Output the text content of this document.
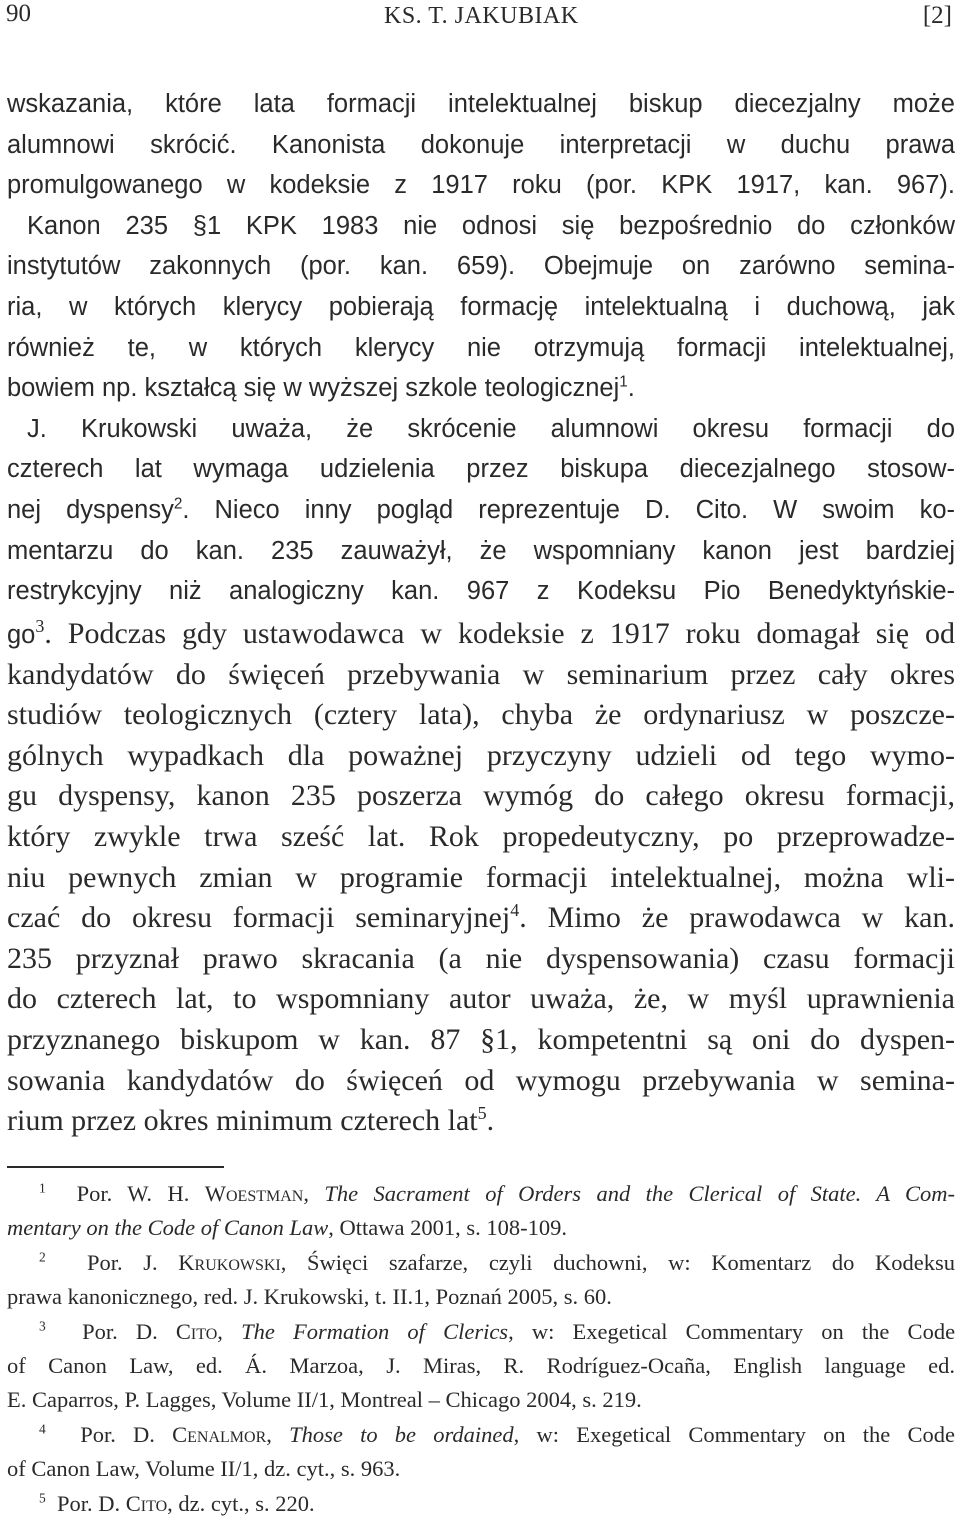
90	KS. T. JAKUBIAK	[2]
wskazania, które lata formacji intelektualnej biskup diecezjalny może
alumnowi skrócić. Kanonista dokonuje interpretacji w duchu prawa
promulgowanego w kodeksie z 1917 roku (por. KPK 1917, kan. 967).
Kanon 235 §1 KPK 1983 nie odnosi się bezpośrednio do członków
instytutów zakonnych (por. kan. 659). Obejmuje on zarówno semina-
ria, w których klerycy pobierają formację intelektualną i duchową, jak
również te, w których klerycy nie otrzymują formacji intelektualnej,
bowiem np. kształcą się w wyższej szkole teologicznej$^1$.
J. Krukowski uważa, że skrócenie alumnowi okresu formacji do
czterech lat wymaga udzielenia przez biskupa diecezjalnego stosow-
nej dyspensy$^2$. Nieco inny pogląd reprezentuje D. Cito. W swoim ko-
mentarzu do kan. 235 zauważył, że wspomniany kanon jest bardziej
restrykcyjny niż analogiczny kan. 967 z Kodeksu Pio Benedyktyńskie-
$go^3$. Podczas gdy ustawodawca w kodeksie z 1917 roku domagał się od
kandydatów do święceń przebywania w seminarium przez cały okres
studiów teologicznych (cztery lata), chyba że ordynariusz w poszcze-
gólnych wypadkach dla poważnej przyczyny udzieli od tego wymo-
gu dyspensy, kanon 235 poszerza wymóg do całego okresu formacji,
który zwykle trwa sześć lat. Rok propedeutyczny, po przeprowadze-
niu pewnych zmian w programie formacji intelektualnej, można wli-
czać do okresu formacji seminaryjnej$^4$. Mimo że prawodawca w kan.
235 przyznał prawo skracania (a nie dyspensowania) czasu formacji
do czterech lat, to wspomniany autor uważa, że, w myśl uprawnienia
przyznanego biskupom w kan. 87 §1, kompetentni są oni do dyspen-
sowania kandydatów do święceń od wymogu przebywania w semina-
rium przez okres minimum czterech lat$^5$.
$^1$ Por. W. H. Woestman, The Sacrament of Orders and the Clerical of State. A Com-
mentary on the Code of Canon Law, Ottawa 2001, s. 108-109.
$^2$ Por. J. Krukowski, Święci szafarze, czyli duchowni, w: Komentarz do Kodeksu
prawa kanonicznego, red. J. Krukowski, t. II.1, Poznań 2005, s. 60.
$^3$ Por. D. Cito, The Formation of Clerics, w: Exegetical Commentary on the Code
of Canon Law, ed. Á. Marzoa, J. Miras, R. Rodríguez-Ocaña, English language ed.
E. Caparros, P. Lagges, Volume II/1, Montreal – Chicago 2004, s. 219.
$^4$ Por. D. Cenalmor, Those to be ordained, w: Exegetical Commentary on the Code
of Canon Law, Volume II/1, dz. cyt., s. 963.
$^5$ Por. D. Cito, dz. cyt., s. 220.
